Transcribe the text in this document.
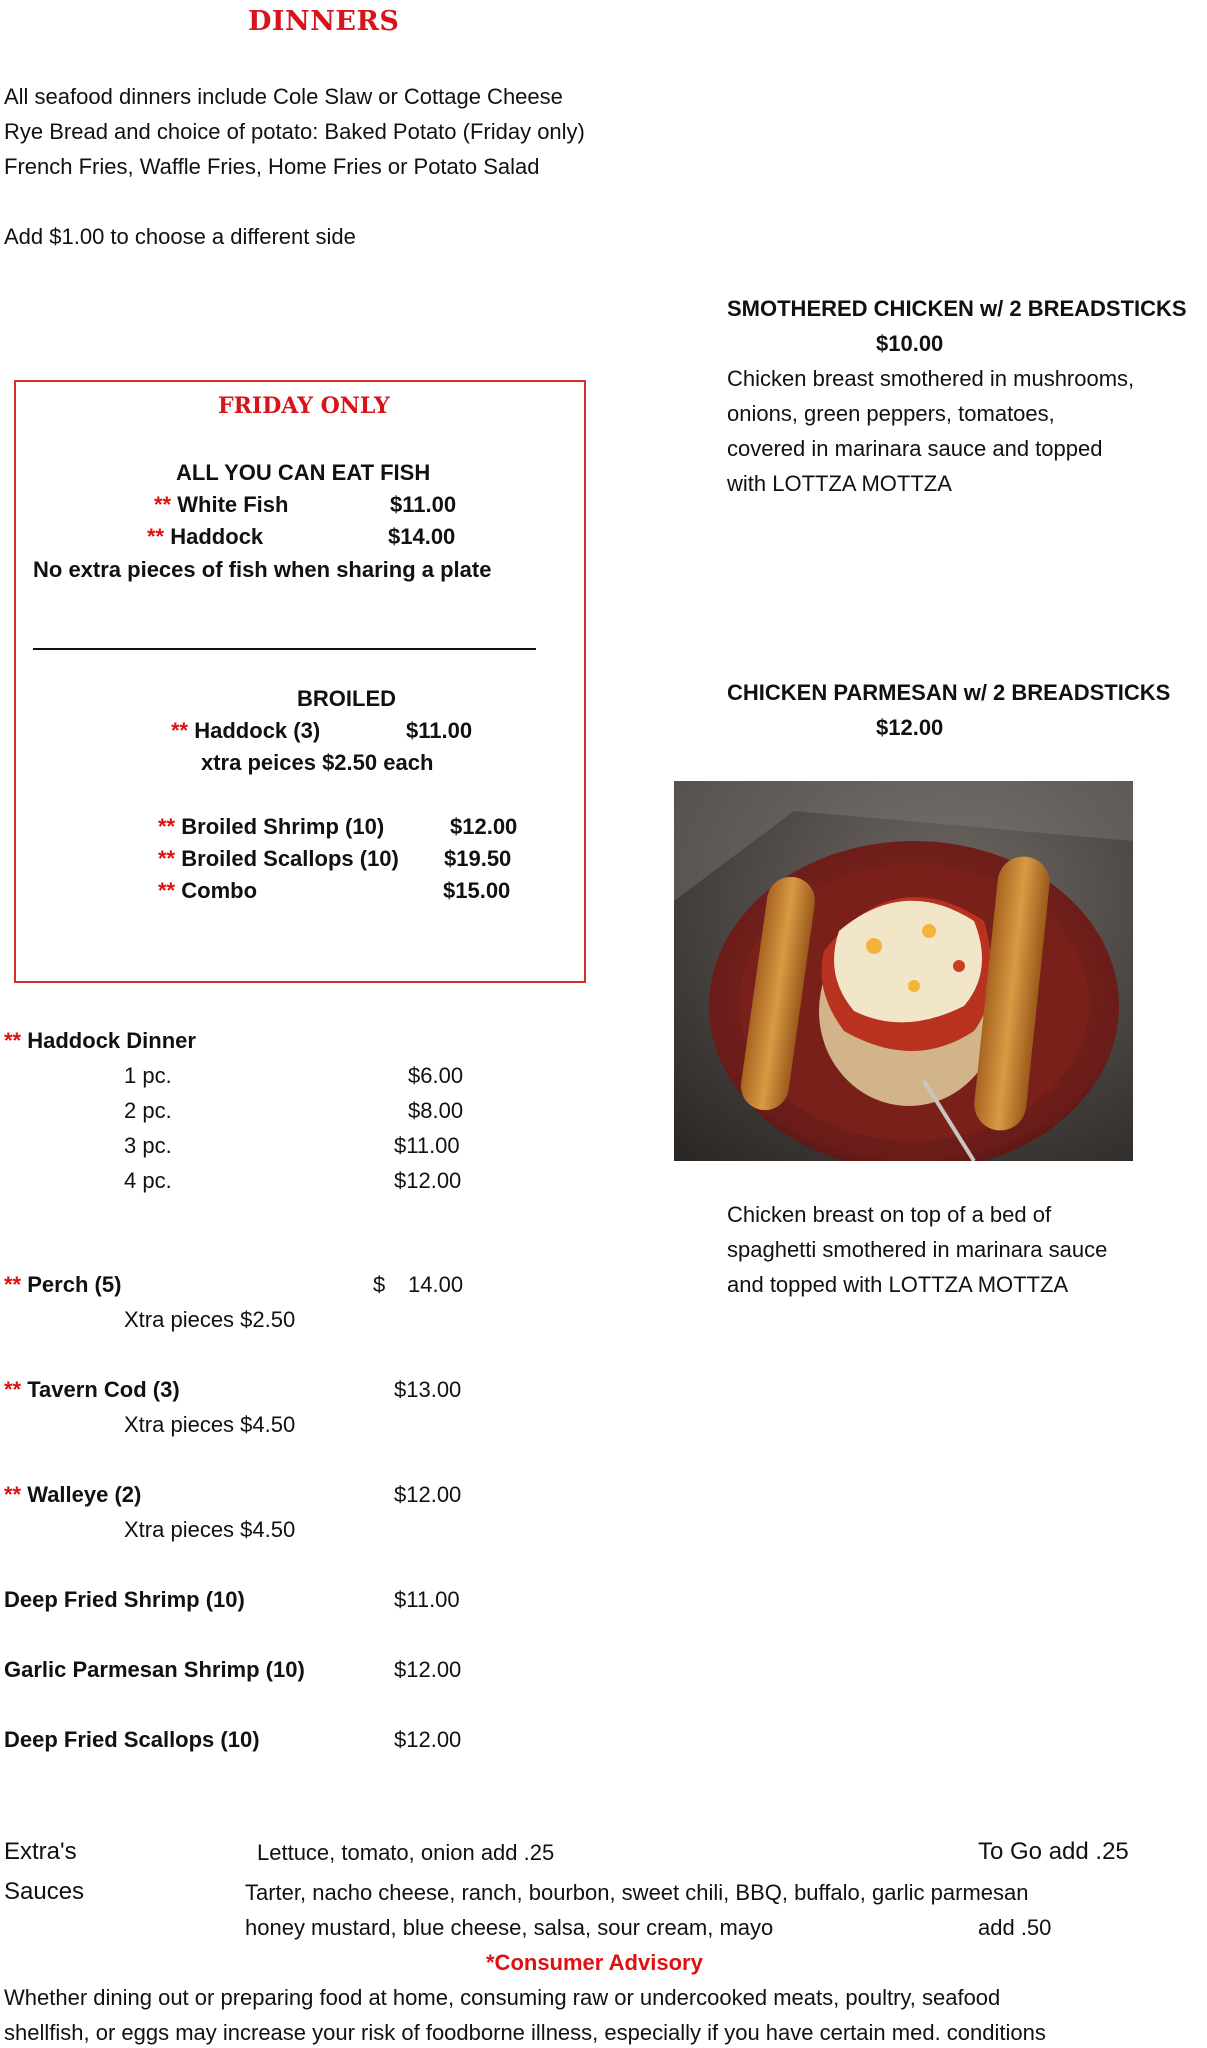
DINNERS
All seafood dinners include Cole Slaw or Cottage Cheese
Rye Bread and choice of potato: Baked Potato (Friday only)
French Fries, Waffle Fries, Home Fries or Potato Salad
Add $1.00 to choose a different side
FRIDAY ONLY
ALL YOU CAN EAT FISH
** White Fish	$11.00
** Haddock	$14.00
No extra pieces of fish when sharing a plate
BROILED
** Haddock (3)	$11.00
xtra peices $2.50 each
** Broiled Shrimp (10)	$12.00
** Broiled Scallops (10) $19.50
** Combo	$15.00
** Haddock Dinner
1 pc.	$6.00
2 pc.	$8.00
3 pc.	$11.00
4 pc.	$12.00
** Perch (5)	$ 14.00
Xtra pieces $2.50
** Tavern Cod (3)	$13.00
Xtra pieces $4.50
** Walleye (2)	$12.00
Xtra pieces $4.50
Deep Fried Shrimp (10)	$11.00
Garlic Parmesan Shrimp (10)	$12.00
Deep Fried Scallops (10)	$12.00
SMOTHERED CHICKEN w/ 2 BREADSTICKS
$10.00
Chicken breast smothered in mushrooms,
onions, green peppers, tomatoes,
covered in marinara sauce and topped
with LOTTZA MOTTZA
CHICKEN PARMESAN w/ 2 BREADSTICKS
$12.00
Chicken breast on top of a bed of
spaghetti smothered in marinara sauce
and topped with LOTTZA MOTTZA
Extra's	Lettuce, tomato, onion add .25	To Go add .25
Sauces	Tarter, nacho cheese, ranch, bourbon, sweet chili, BBQ, buffalo, garlic parmesan
honey mustard, blue cheese, salsa, sour cream, mayo	add .50
*Consumer Advisory
Whether dining out or preparing food at home, consuming raw or undercooked meats, poultry, seafood
shellfish, or eggs may increase your risk of foodborne illness, especially if you have certain med. conditions
